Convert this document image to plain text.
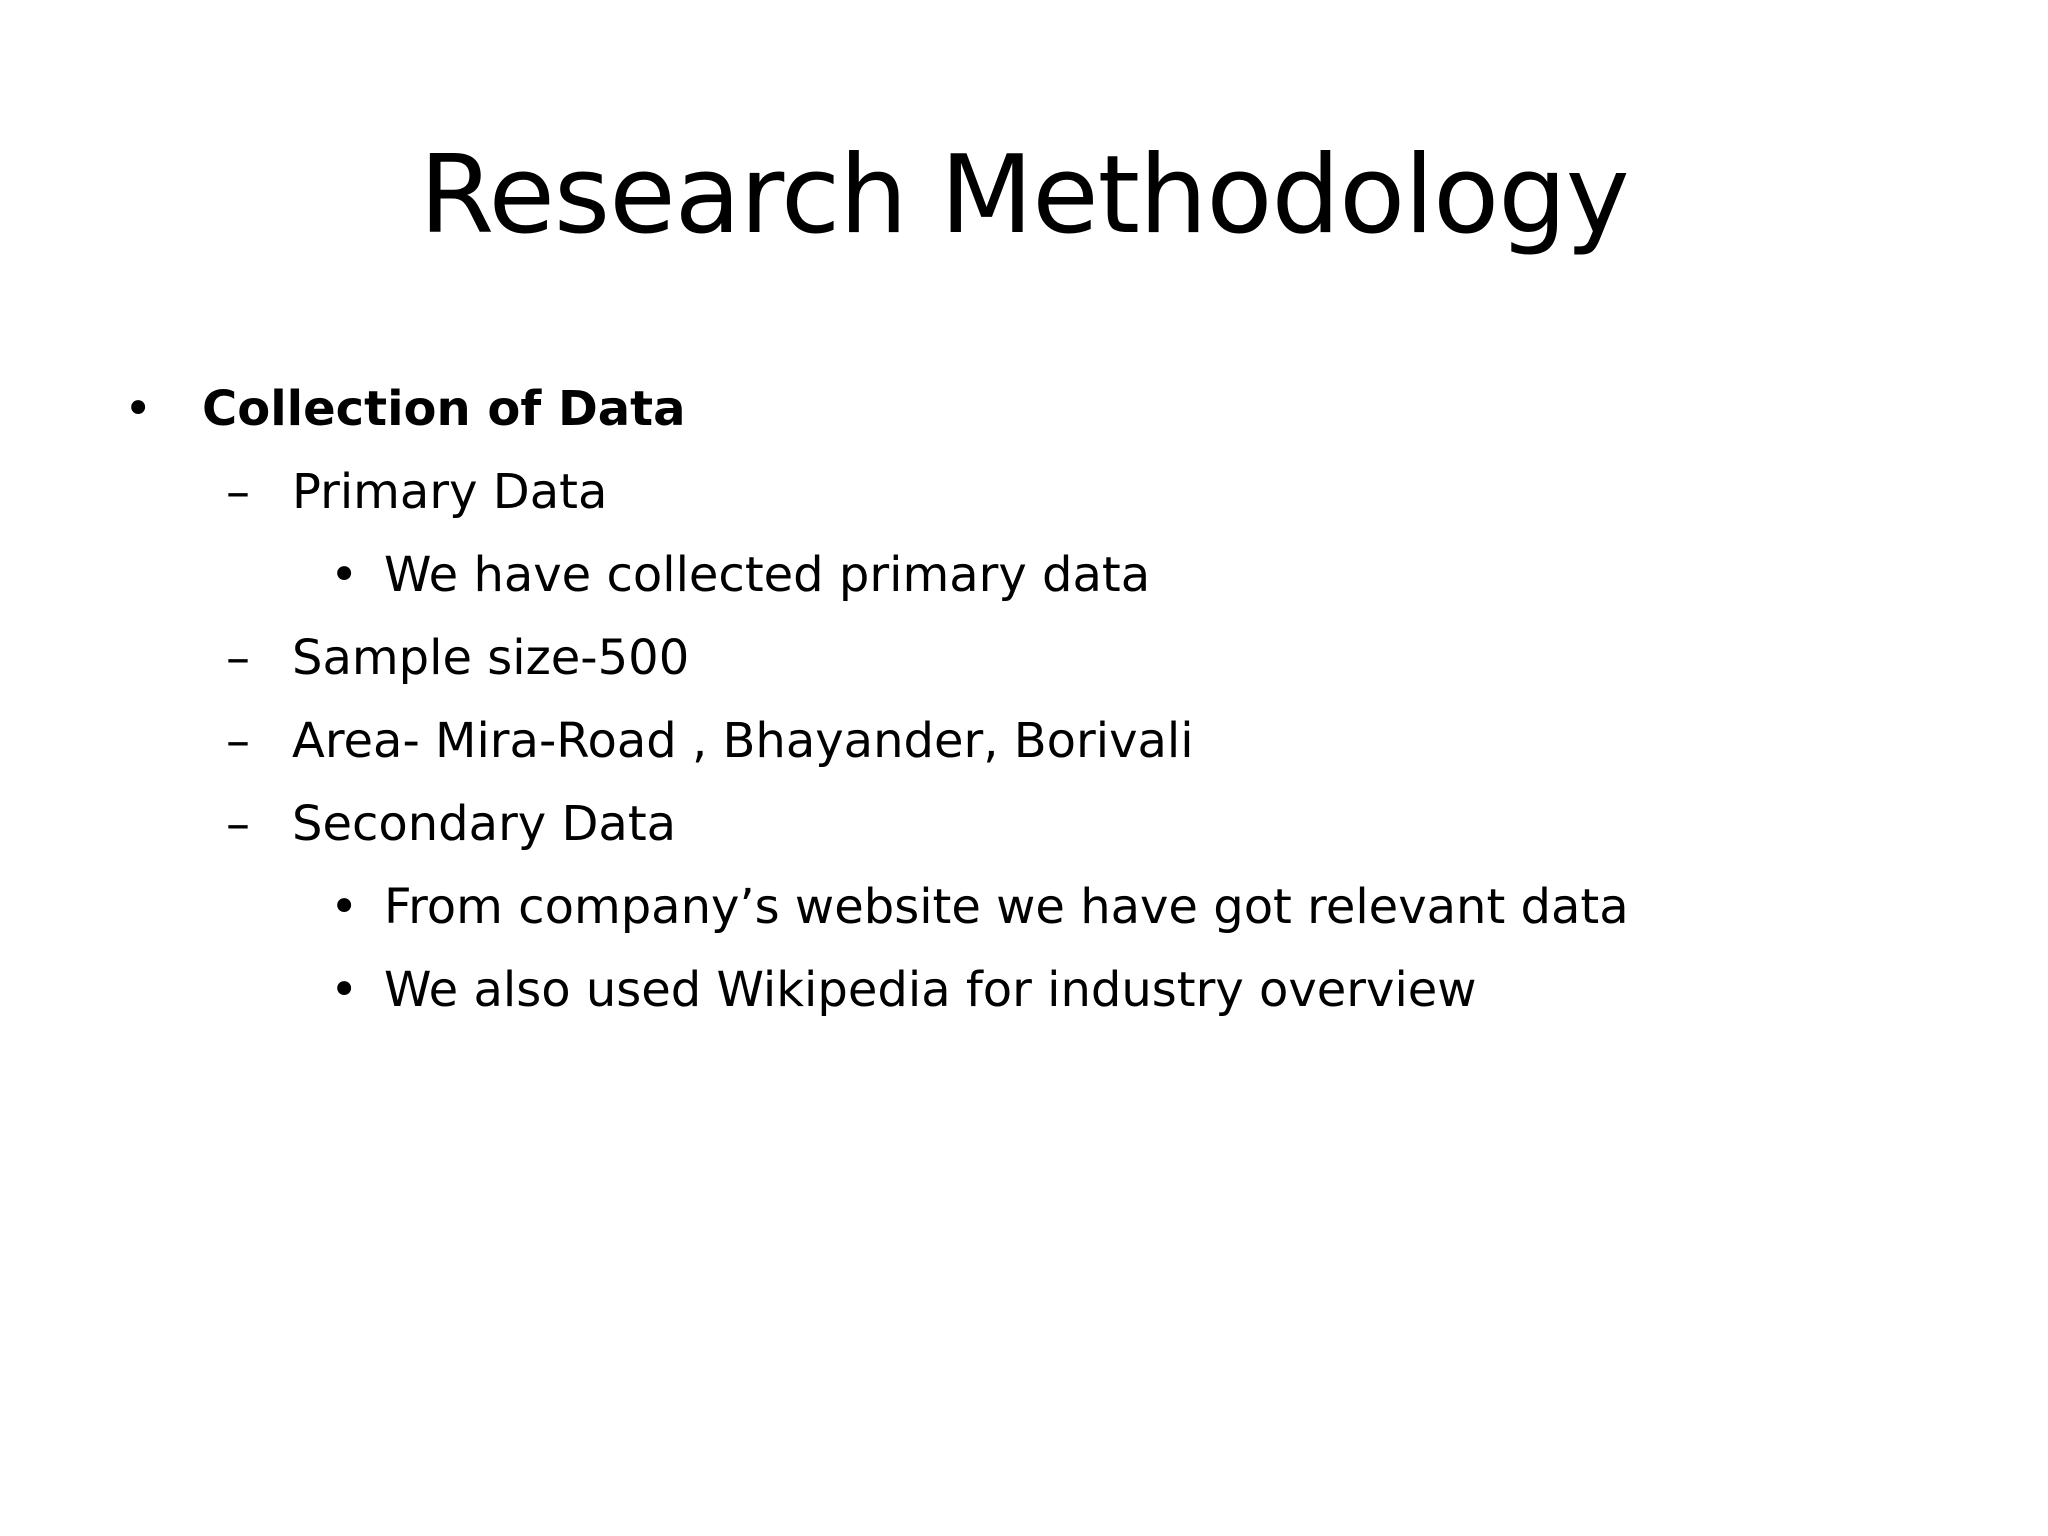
Research Methodology
• Collection of Data
– Primary Data
• We have collected primary data
– Sample size-500
– Area- Mira-Road , Bhayander, Borivali
– Secondary Data
• From company’s website we have got relevant data
• We also used Wikipedia for industry overview
